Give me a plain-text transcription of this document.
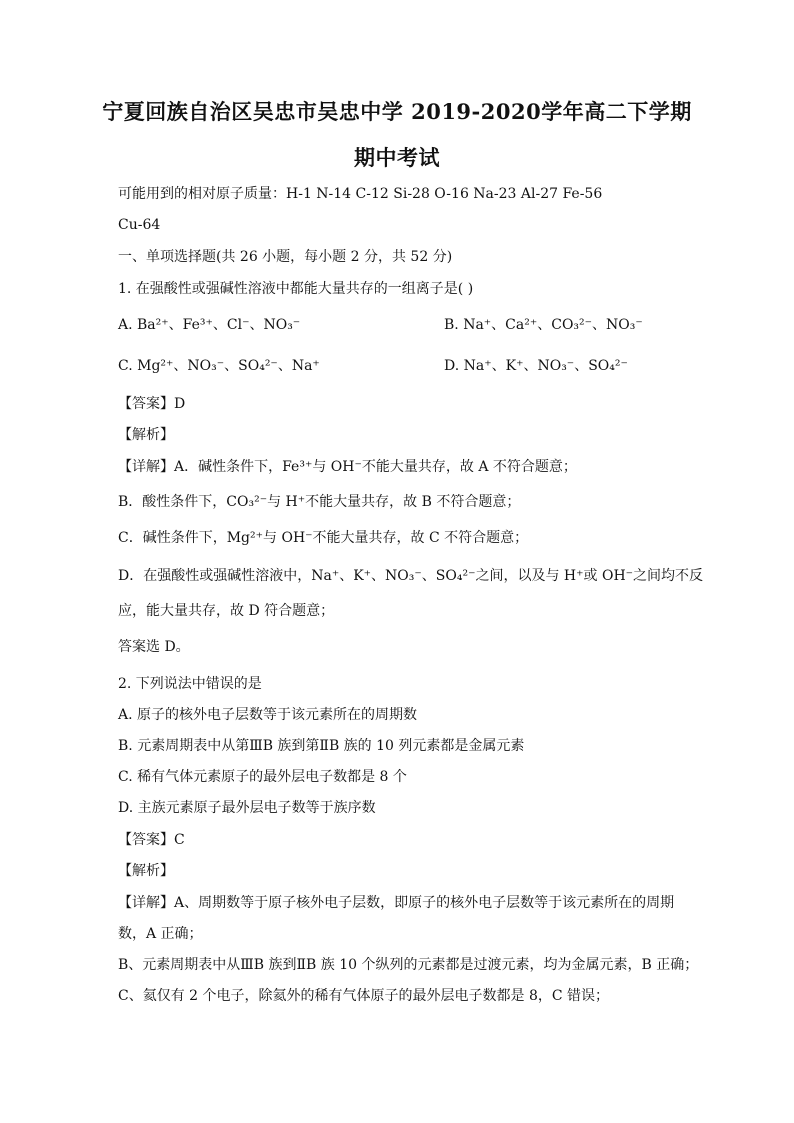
宁夏回族自治区吴忠市吴忠中学 2019-2020学年高二下学期
期中考试
可能用到的相对原子质量：H-1 N-14 C-12 Si-28 O-16 Na-23 Al-27 Fe-56
Cu-64
一、单项选择题(共 26 小题，每小题 2 分，共 52 分)
1. 在强酸性或强碱性溶液中都能大量共存的一组离子是( )
A. Ba²⁺、Fe³⁺、Cl⁻、NO₃⁻	B. Na⁺、Ca²⁺、CO₃²⁻、NO₃⁻
C. Mg²⁺、NO₃⁻、SO₄²⁻、Na⁺	D. Na⁺、K⁺、NO₃⁻、SO₄²⁻
【答案】D
【解析】
【详解】A．碱性条件下，Fe³⁺与 OH⁻不能大量共存，故 A 不符合题意；
B．酸性条件下，CO₃²⁻与 H⁺不能大量共存，故 B 不符合题意；
C．碱性条件下，Mg²⁺与 OH⁻不能大量共存，故 C 不符合题意；
D．在强酸性或强碱性溶液中，Na⁺、K⁺、NO₃⁻、SO₄²⁻之间，以及与 H⁺或 OH⁻之间均不反
应，能大量共存，故 D 符合题意；
答案选 D。
2. 下列说法中错误的是
A. 原子的核外电子层数等于该元素所在的周期数
B. 元素周期表中从第ⅢB 族到第ⅡB 族的 10 列元素都是金属元素
C. 稀有气体元素原子的最外层电子数都是 8 个
D. 主族元素原子最外层电子数等于族序数
【答案】C
【解析】
【详解】A、周期数等于原子核外电子层数，即原子的核外电子层数等于该元素所在的周期
数，A 正确；
B、元素周期表中从ⅢB 族到ⅡB 族 10 个纵列的元素都是过渡元素，均为金属元素，B 正确；
C、氦仅有 2 个电子，除氦外的稀有气体原子的最外层电子数都是 8，C 错误；
